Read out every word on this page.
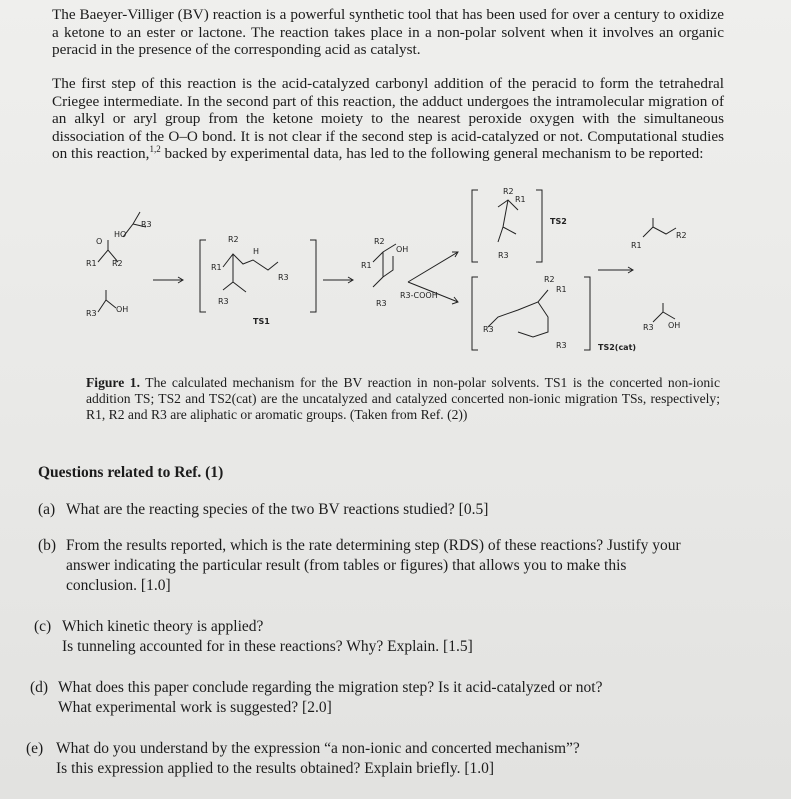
The Baeyer-Villiger (BV) reaction is a powerful synthetic tool that has been used for over a century to oxidize a ketone to an ester or lactone. The reaction takes place in a non-polar solvent when it involves an organic peracid in the presence of the corresponding acid as catalyst.

The first step of this reaction is the acid-catalyzed carbonyl addition of the peracid to form the tetrahedral Criegee intermediate. In the second part of this reaction, the adduct undergoes the intramolecular migration of an alkyl or aryl group from the ketone moiety to the nearest peroxide oxygen with the simultaneous dissociation of the O–O bond. It is not clear if the second step is acid-catalyzed or not. Computational studies on this reaction,$^{1,2}$ backed by experimental data, has led to the following general mechanism to be reported:

R1 R2
O
HO
R3
R3 OH
R1
R2
H
R3
R3
TS1
R1
R2
OH
R3
R3-COOH
R2
R1
TS2
R3
R3
R2
R1
R3	TS2(cat)
R1
R2
R3 OH

Figure 1. The calculated mechanism for the BV reaction in non-polar solvents. TS1 is the concerted non-ionic addition TS; TS2 and TS2(cat) are the uncatalyzed and catalyzed concerted non-ionic migration TSs, respectively; R1, R2 and R3 are aliphatic or aromatic groups. (Taken from Ref. (2))

Questions related to Ref. (1)

(a) What are the reacting species of the two BV reactions studied? [0.5]
(b) From the results reported, which is the rate determining step (RDS) of these reactions? Justify your
answer indicating the particular result (from tables or figures) that allows you to make this
conclusion. [1.0]
(c) Which kinetic theory is applied?
Is tunneling accounted for in these reactions? Why? Explain. [1.5]
(d) What does this paper conclude regarding the migration step? Is it acid-catalyzed or not?
What experimental work is suggested? [2.0]
(e) What do you understand by the expression “a non-ionic and concerted mechanism”?
Is this expression applied to the results obtained? Explain briefly. [1.0]
